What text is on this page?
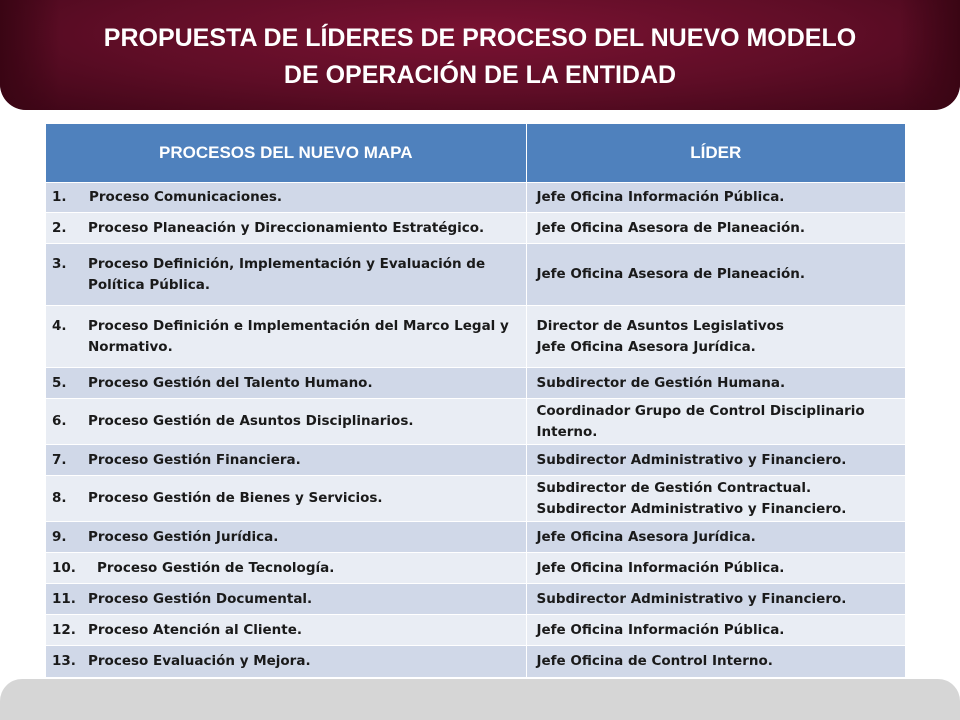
PROPUESTA DE LÍDERES DE PROCESO DEL NUEVO MODELO
DE OPERACIÓN DE LA ENTIDAD
PROCESOS DEL NUEVO MAPA	LÍDER

1. Proceso Comunicaciones.	Jefe Oficina Información Pública.

2. Proceso Planeación y Direccionamiento Estratégico.	Jefe Oficina Asesora de Planeación.

3. Proceso Definición, Implementación y Evaluación de Política Pública.	Jefe Oficina Asesora de Planeación.

4. Proceso Definición e Implementación del Marco Legal y Normativo.	Director de Asuntos Legislativos
Jefe Oficina Asesora Jurídica.

5. Proceso Gestión del Talento Humano.	Subdirector de Gestión Humana.

6. Proceso Gestión de Asuntos Disciplinarios.	Coordinador Grupo de Control Disciplinario Interno.

7. Proceso Gestión Financiera.	Subdirector Administrativo y Financiero.

8. Proceso Gestión de Bienes y Servicios.	Subdirector de Gestión Contractual.
Subdirector Administrativo y Financiero.

9. Proceso Gestión Jurídica.	Jefe Oficina Asesora Jurídica.

10. Proceso Gestión de Tecnología.	Jefe Oficina Información Pública.

11. Proceso Gestión Documental.	Subdirector Administrativo y Financiero.

12. Proceso Atención al Cliente.	Jefe Oficina Información Pública.

13. Proceso Evaluación y Mejora.	Jefe Oficina de Control Interno.
